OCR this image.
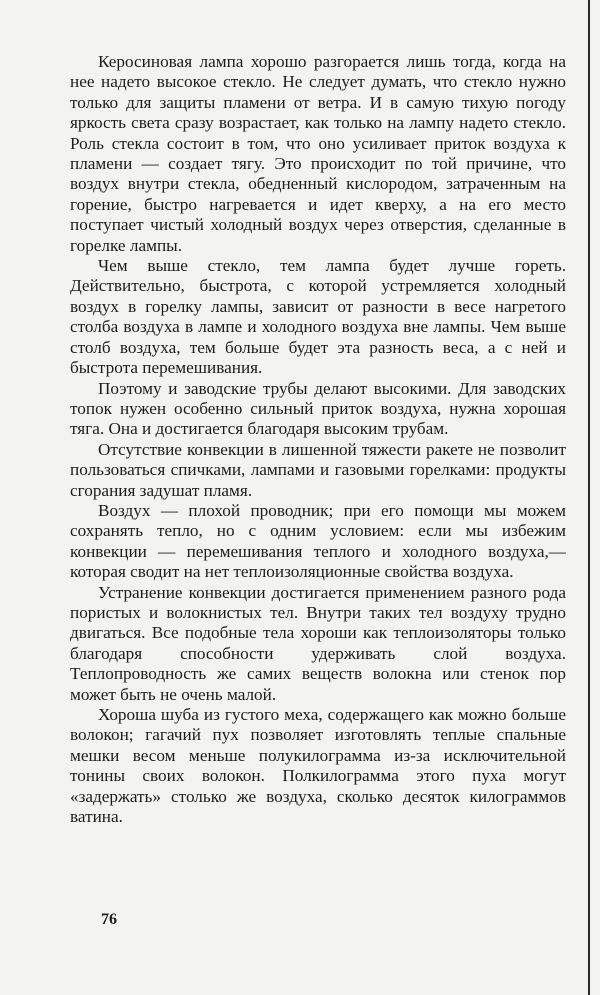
Керосиновая лампа хорошо разгорается лишь тогда, когда на нее надето высокое стекло. Не следует думать, что стекло нужно только для защиты пламени от ветра. И в самую тихую погоду яркость света сразу возрастает, как только на лампу надето стекло. Роль стекла состоит в том, что оно усиливает приток воздуха к пламени — создает тягу. Это происходит по той причине, что воздух внутри стекла, обедненный кислородом, затраченным на горение, быстро нагревается и идет кверху, а на его место поступает чистый холодный воздух через отверстия, сделанные в горелке лампы.

Чем выше стекло, тем лампа будет лучше гореть. Действительно, быстрота, с которой устремляется холодный воздух в горелку лампы, зависит от разности в весе нагретого столба воздуха в лампе и холодного воздуха вне лампы. Чем выше столб воздуха, тем больше будет эта разность веса, а с ней и быстрота перемешивания.

Поэтому и заводские трубы делают высокими. Для заводских топок нужен особенно сильный приток воздуха, нужна хорошая тяга. Она и достигается благодаря высоким трубам.

Отсутствие конвекции в лишенной тяжести ракете не позволит пользоваться спичками, лампами и газовыми горелками: продукты сгорания задушат пламя.

Воздух — плохой проводник; при его помощи мы можем сохранять тепло, но с одним условием: если мы избежим конвекции — перемешивания теплого и холодного воздуха,— которая сводит на нет теплоизоляционные свойства воздуха.

Устранение конвекции достигается применением разного рода пористых и волокнистых тел. Внутри таких тел воздуху трудно двигаться. Все подобные тела хороши как теплоизоляторы только благодаря способности удерживать слой воздуха. Теплопроводность же самих веществ волокна или стенок пор может быть не очень малой.

Хороша шуба из густого меха, содержащего как можно больше волокон; гагачий пух позволяет изготовлять теплые спальные мешки весом меньше полукилограмма из-за исключительной тонины своих волокон. Полкилограмма этого пуха могут «задержать» столько же воздуха, сколько десяток килограммов ватина.

76
